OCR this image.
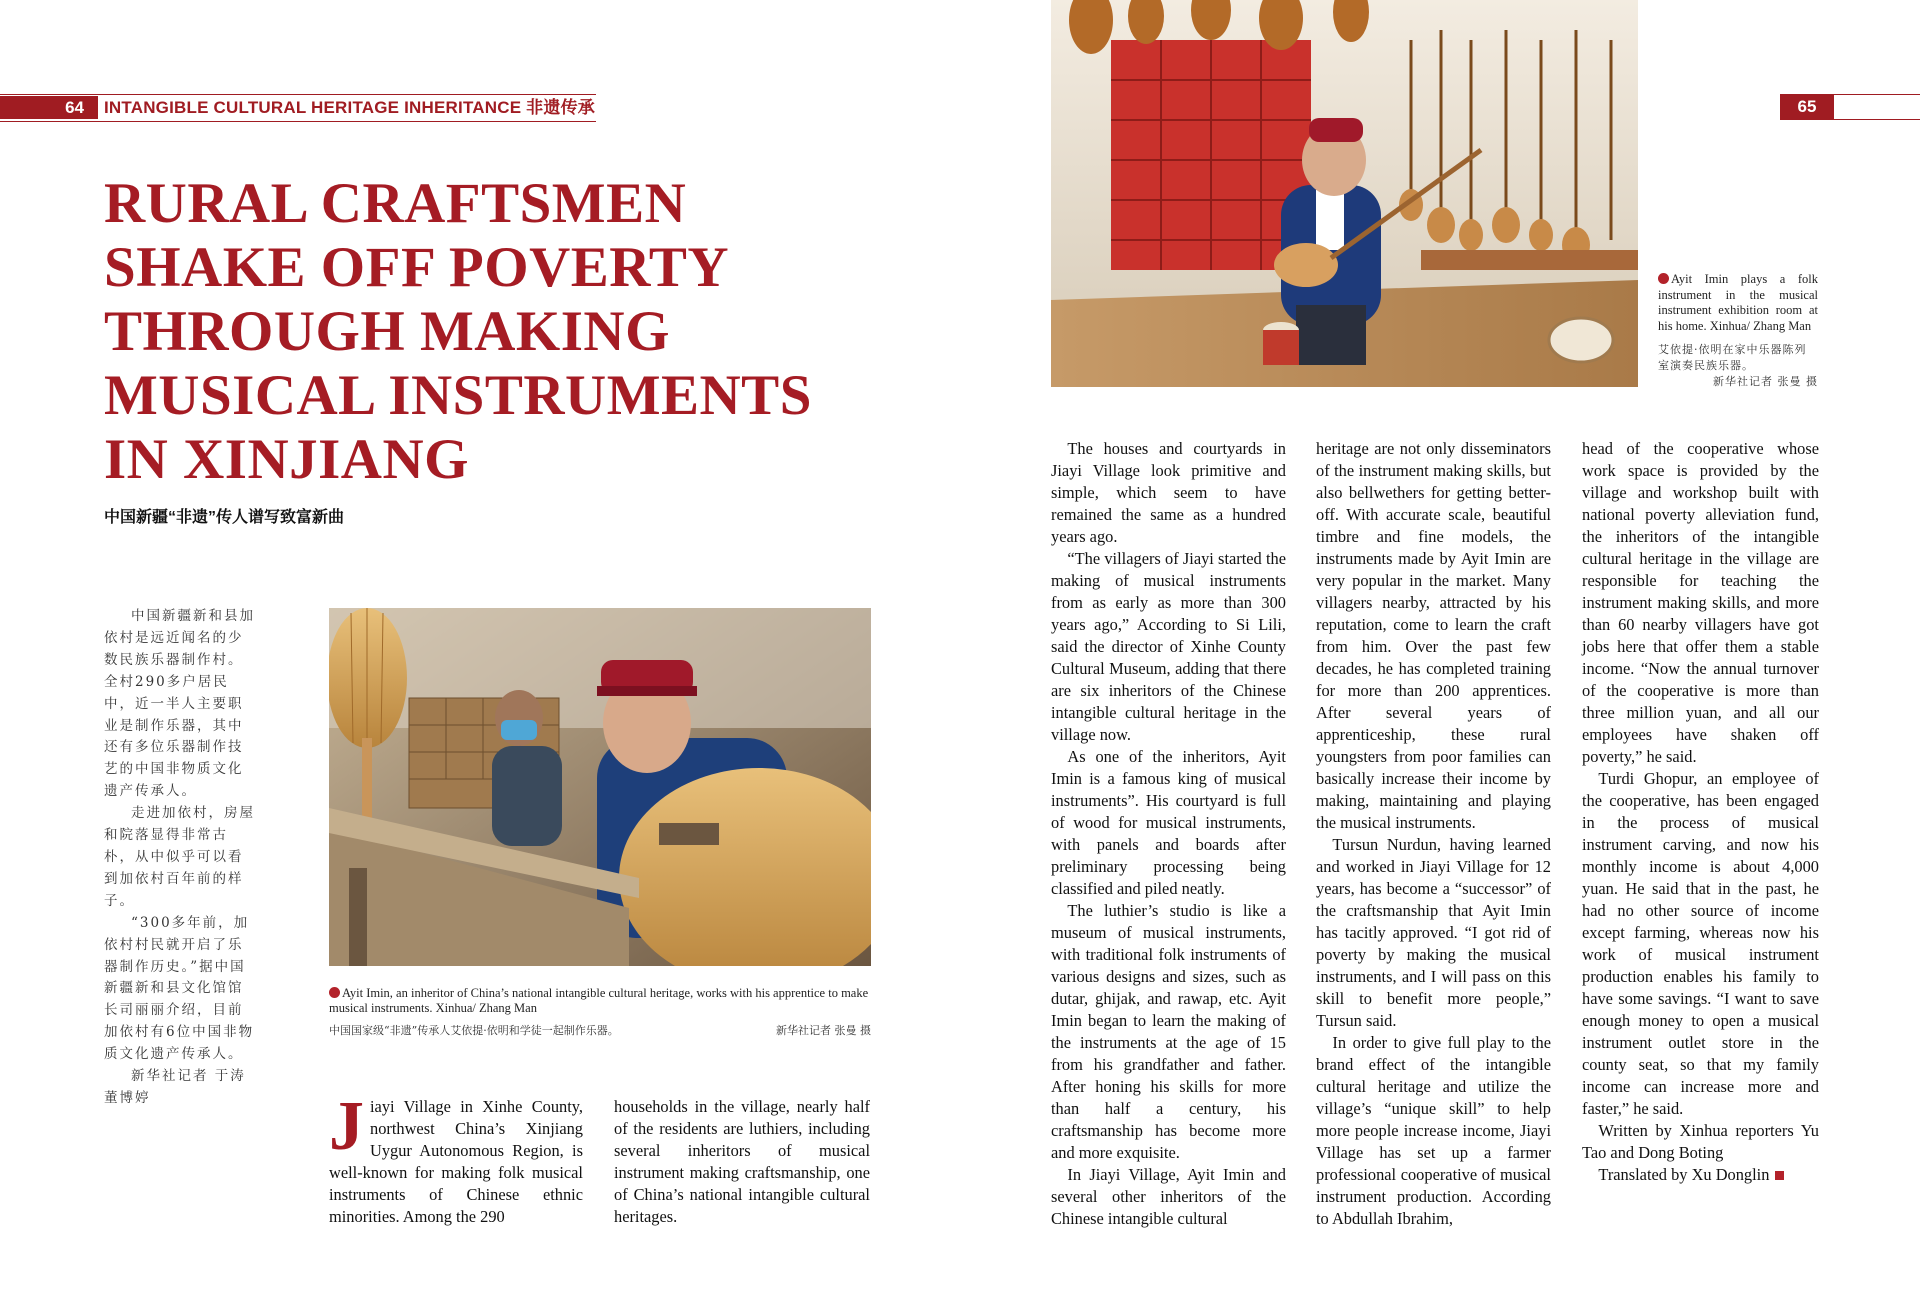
64	INTANGIBLE CULTURAL HERITAGE INHERITANCE 非遗传承	65
RURAL CRAFTSMEN
SHAKE OFF POVERTY
THROUGH MAKING
MUSICAL INSTRUMENTS
IN XINJIANG
中国新疆“非遗”传人谱写致富新曲

中国新疆新和县加依村是远近闻名的少数民族乐器制作村。全村290多户居民中，近一半人主要职业是制作乐器，其中还有多位乐器制作技艺的中国非物质文化遗产传承人。

走进加依村，房屋和院落显得非常古朴，从中似乎可以看到加依村百年前的样子。

“300多年前，加依村村民就开启了乐器制作历史。”据中国新疆新和县文化馆馆长司丽丽介绍，目前加依村有6位中国非物质文化遗产传承人。

新华社记者 于涛 董博婷

Ayit Imin, an inheritor of China’s national intangible cultural heritage, works with his apprentice to make musical instruments. Xinhua/ Zhang Man
中国国家级“非遗”传承人艾依提·依明和学徒一起制作乐器。	新华社记者 张曼 摄
Ayit Imin plays a folk instrument in the musical instrument exhibition room at his home. Xinhua/ Zhang Man
艾依提·依明在家中乐器陈列室演奏民族乐器。
新华社记者 张曼 摄
J iayi Village in Xinhe County, northwest China’s Xinjiang Uygur Autonomous Region, is well-known for making folk musical instruments of Chinese ethnic minorities. Among the 290

households in the village, nearly half of the residents are luthiers, including several inheritors of musical instrument making craftsmanship, one of China’s national intangible cultural heritages.

The houses and courtyards in Jiayi Village look primitive and simple, which seem to have remained the same as a hundred years ago.

“The villagers of Jiayi started the making of musical instruments from as early as more than 300 years ago,” According to Si Lili, said the director of Xinhe County Cultural Museum, adding that there are six inheritors of the Chinese intangible cultural heritage in the village now.

As one of the inheritors, Ayit Imin is a famous king of musical instruments”. His courtyard is full of wood for musical instruments, with panels and boards after preliminary processing being classified and piled neatly.

The luthier’s studio is like a museum of musical instruments, with traditional folk instruments of various designs and sizes, such as dutar, ghijak, and rawap, etc. Ayit Imin began to learn the making of the instruments at the age of 15 from his grandfather and father. After honing his skills for more than half a century, his craftsmanship has become more and more exquisite.

In Jiayi Village, Ayit Imin and several other inheritors of the Chinese intangible cultural

heritage are not only disseminators of the instrument making skills, but also bellwethers for getting better-off. With accurate scale, beautiful timbre and fine models, the instruments made by Ayit Imin are very popular in the market. Many villagers nearby, attracted by his reputation, come to learn the craft from him. Over the past few decades, he has completed training for more than 200 apprentices. After several years of apprenticeship, these rural youngsters from poor families can basically increase their income by making, maintaining and playing the musical instruments.

Tursun Nurdun, having learned and worked in Jiayi Village for 12 years, has become a “successor” of the craftsmanship that Ayit Imin has tacitly approved. “I got rid of poverty by making the musical instruments, and I will pass on this skill to benefit more people,” Tursun said.

In order to give full play to the brand effect of the intangible cultural heritage and utilize the village’s “unique skill” to help more people increase income, Jiayi Village has set up a farmer professional cooperative of musical instrument production. According to Abdullah Ibrahim,

head of the cooperative whose work space is provided by the village and workshop built with national poverty alleviation fund, the inheritors of the intangible cultural heritage in the village are responsible for teaching the instrument making skills, and more than 60 nearby villagers have got jobs here that offer them a stable income. “Now the annual turnover of the cooperative is more than three million yuan, and all our employees have shaken off poverty,” he said.

Turdi Ghopur, an employee of the cooperative, has been engaged in the process of musical instrument carving, and now his monthly income is about 4,000 yuan. He said that in the past, he had no other source of income except farming, whereas now his work of musical instrument production enables his family to have some savings. “I want to save enough money to open a musical instrument outlet store in the county seat, so that my family income can increase more and faster,” he said.

Written by Xinhua reporters Yu Tao and Dong Boting

Translated by Xu Donglin
